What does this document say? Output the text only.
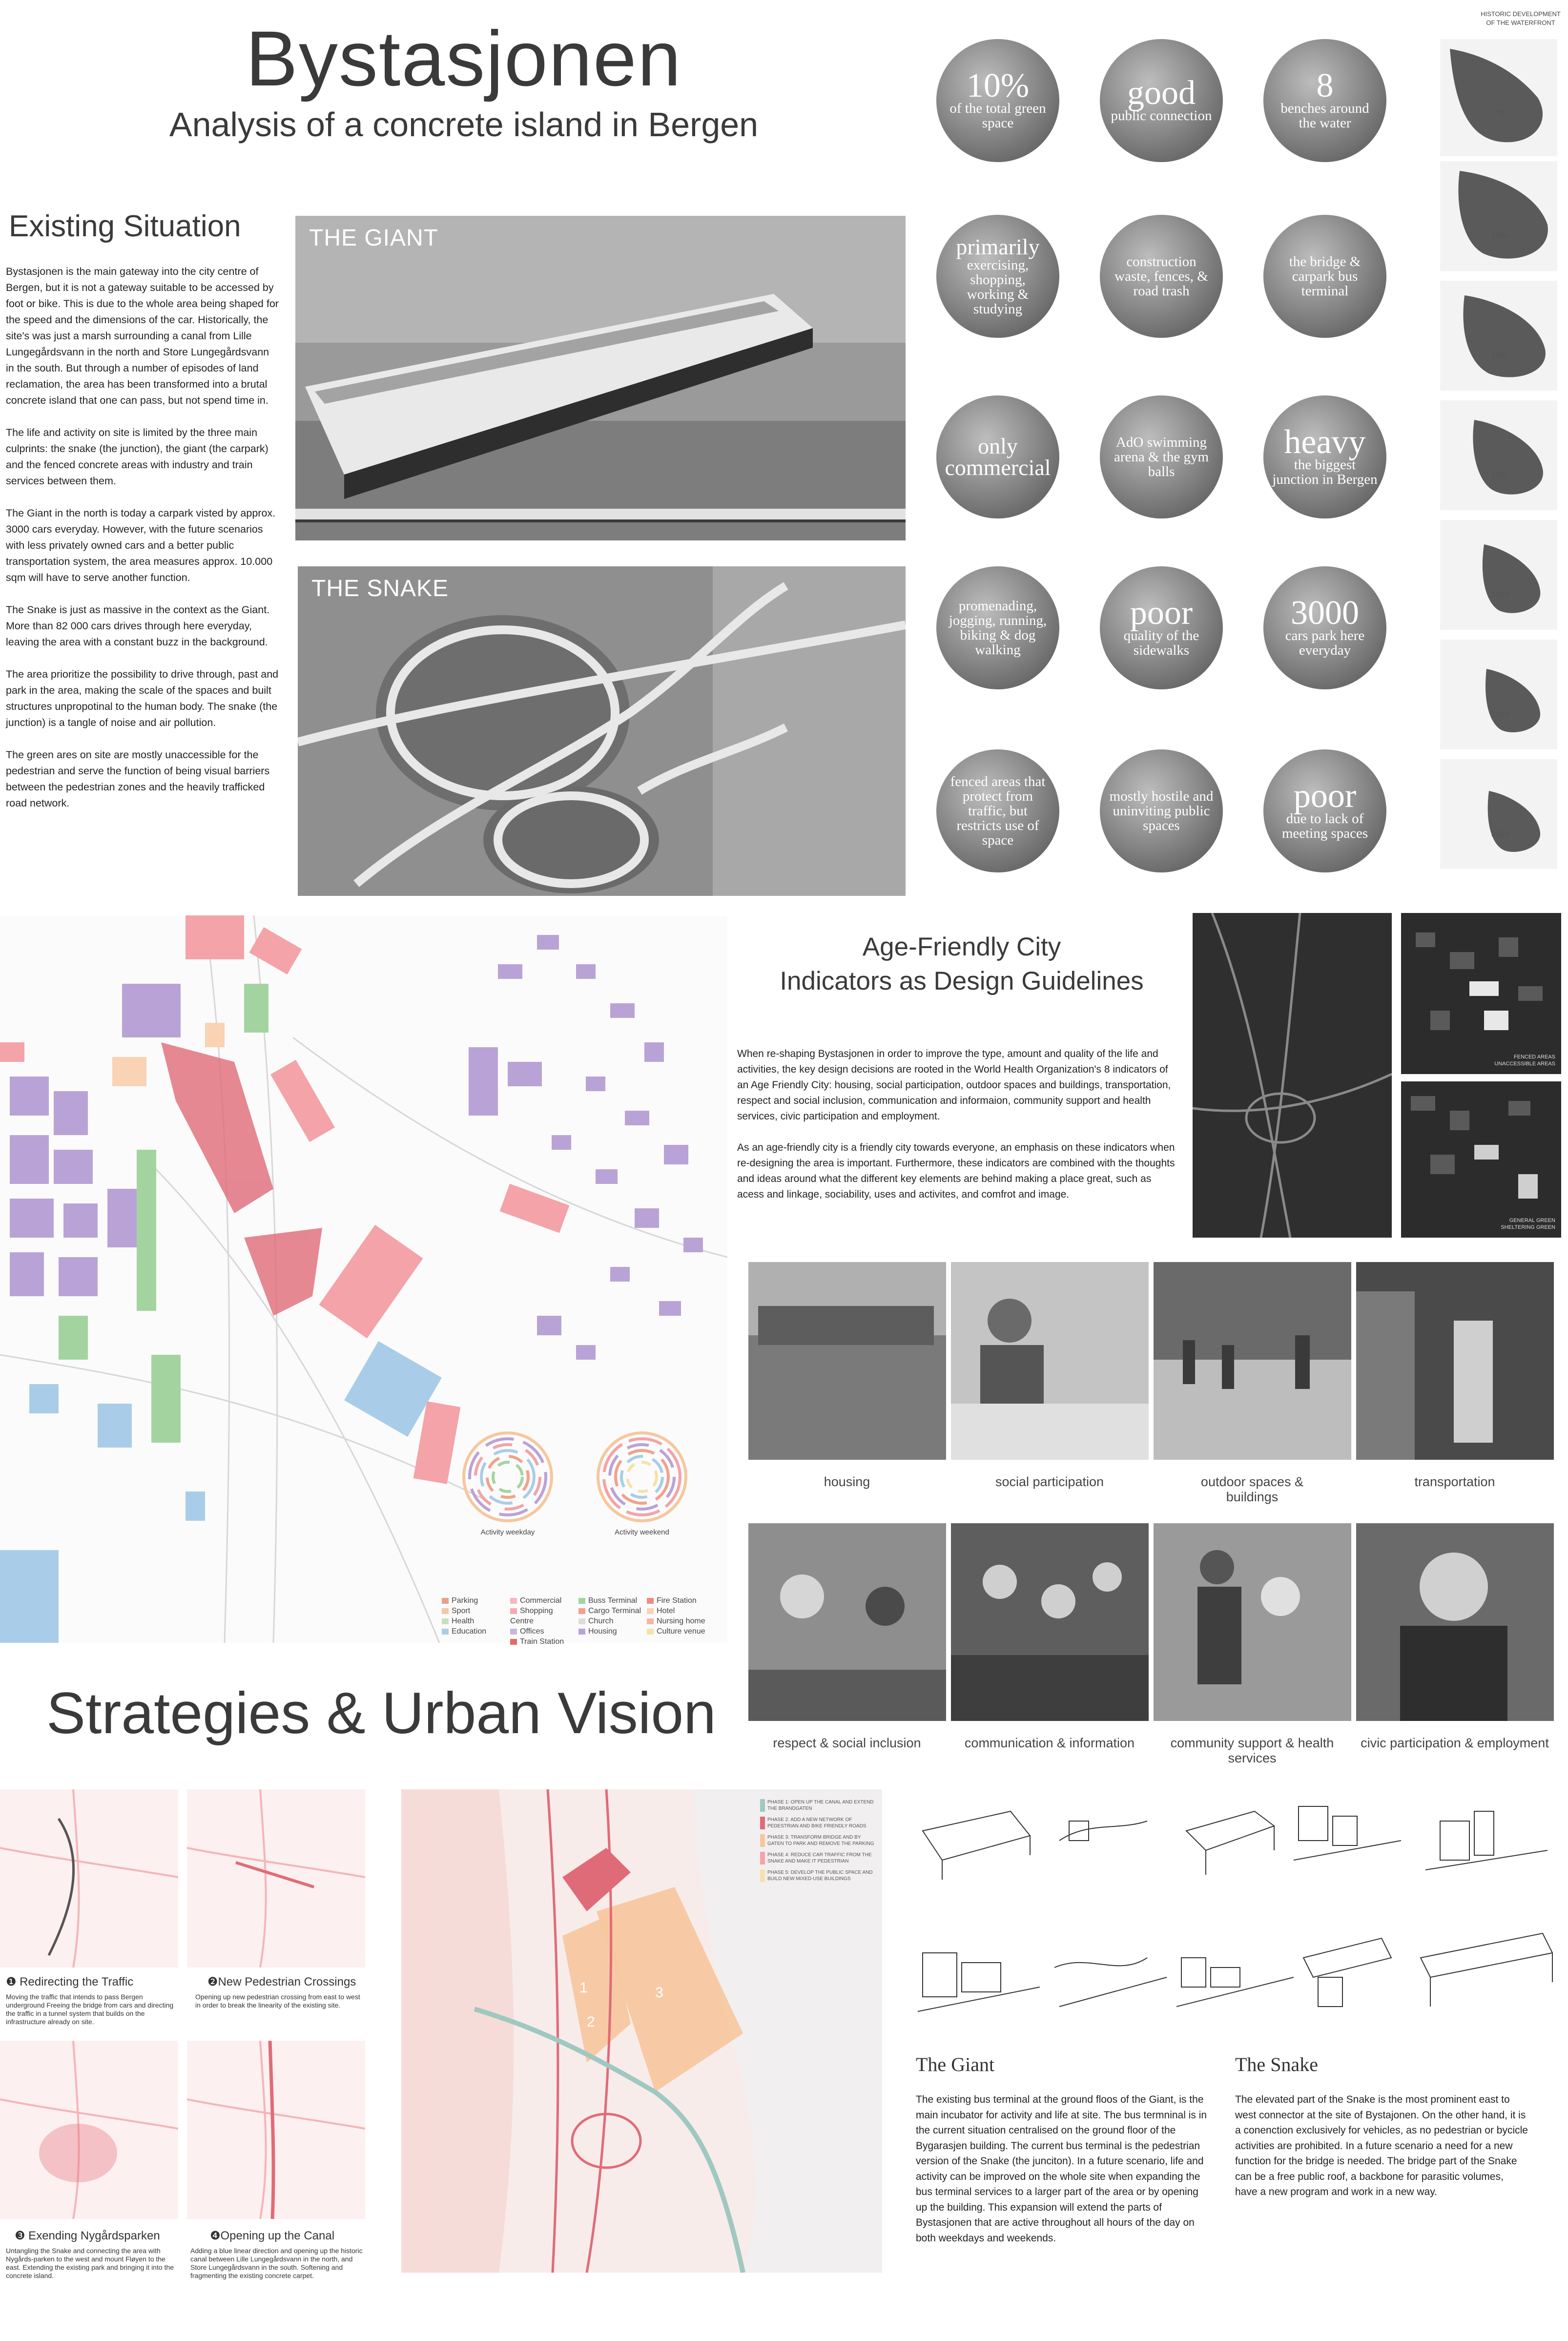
Bystasjonen
Analysis of a concrete island in Bergen
Existing Situation

Bystasjonen is the main gateway into the city centre of Bergen, but it is not a gateway suitable to be accessed by foot or bike. This is due to the whole area being shaped for the speed and the dimensions of the car. Historically, the site's was just a marsh surrounding a canal from Lille Lungegårdsvann in the north and Store Lungegårdsvann in the south. But through a number of episodes of land reclamation, the area has been transformed into a brutal concrete island that one can pass, but not spend time in.

The life and activity on site is limited by the three main culprints: the snake (the junction), the giant (the carpark) and the fenced concrete areas with industry and train services between them.

The Giant in the north is today a carpark visted by approx. 3000 cars everyday. However, with the future scenarios with less privately owned cars and a better public transportation system, the area measures approx. 10.000 sqm will have to serve another function.

The Snake is just as massive in the context as the Giant. More than 82 000 cars drives through here everyday, leaving the area with a constant buzz in the background.

The area prioritize the possibility to drive through, past and park in the area, making the scale of the spaces and built structures unpropotinal to the human body. The snake (the junction) is a tangle of noise and air pollution.

The green ares on site are mostly unaccessible for the pedestrian and serve the function of being visual barriers between the pedestrian zones and the heavily trafficked road network.

THE GIANT
THE SNAKE
10%
of the total green space
good
public connection
8
benches around the water
primarily
exercising, shopping, working & studying
construction waste, fences, & road trash
the bridge & carpark bus terminal
only commercial
AdO swimming arena & the gym balls
heavy
the biggest junction in Bergen
promenading, jogging, running, biking & dog walking
poor
quality of the sidewalks
3000
cars park here everyday
fenced areas that protect from traffic, but restricts use of space
mostly hostile and uninviting public spaces
poor
due to lack of meeting spaces
HISTORIC DEVELOPMENT OF THE WATERFRONT
1741
1800
1907
1911
1960
2003
2019
Activity weekday	Activity weekend
Parking
Sport
Health
Education
Commercial
Shopping Centre
Offices
Train Station
Buss Terminal
Cargo Terminal
Church
Housing
Fire Station
Hotel
Nursing home
Culture venue
Age-Friendly City
Indicators as Design Guidelines

When re-shaping Bystasjonen in order to improve the type, amount and quality of the life and activities, the key design decisions are rooted in the World Health Organization's 8 indicators of an Age Friendly City: housing, social participation, outdoor spaces and buildings, transportation, respect and social inclusion, communication and informaion, community support and health services, civic participation and employment.

As an age-friendly city is a friendly city towards everyone, an emphasis on these indicators when re-designing the area is important. Furthermore, these indicators are combined with the thoughts and ideas around what the different key elements are behind making a place great, such as acess and linkage, sociability, uses and activites, and comfrot and image.

FENCED AREAS UNACCESSIBLE AREAS
GENERAL GREEN SHELTERING GREEN
housing	social participation	outdoor spaces & buildings
transportation
respect & social inclusion	communication & information	community support & health services
civic participation & employment
Strategies & Urban Vision
❶ Redirecting the Traffic
Moving the traffic that intends to pass Bergen underground Freeing the bridge from cars and directing the traffic in a tunnel system that builds on the infrastructure already on site.
❷New Pedestrian Crossings
Opening up new pedestrian crossing from east to west in order to break the linearity of the existing site.
❸ Exending Nygårdsparken
Untangling the Snake and connecting the area with Nygårds-parken to the west and mount Fløyen to the east. Extending the existing park and bringing it into the concrete island.
❹Opening up the Canal
Adding a blue linear direction and opening up the historic canal between Lille Lungegårdsvann in the north, and Store Lungegårdsvann in the south. Softening and fragmenting the existing concrete carpet.
1
2
3
PHASE 1: OPEN UP THE CANAL AND EXTEND THE BRANDGATEN
PHASE 2: ADD A NEW NETWORK OF PEDESTRIAN AND BIKE FRIENDLY ROADS
PHASE 3: TRANSFORM BRIDGE AND BY GATEN TO PARK AND REMOVE THE PARKING
PHASE 4: REDUCE CAR TRAFFIC FROM THE SNAKE AND MAKE IT PEDESTRIAN
PHASE 5: DEVELOP THE PUBLIC SPACE AND BUILD NEW MIXED-USE BUILDINGS
The Giant
The existing bus terminal at the ground floos of the Giant, is the main incubator for activity and life at site. The bus termninal is in the current situation centralised on the ground floor of the Bygarasjen building. The current bus terminal is the pedestrian version of the Snake (the junciton). In a future scenario, life and activity can be improved on the whole site when expanding the bus terminal services to a larger part of the area or by opening up the building. This expansion will extend the parts of Bystasjonen that are active throughout all hours of the day on both weekdays and weekends.
The Snake
The elevated part of the Snake is the most prominent east to west connector at the site of Bystajonen. On the other hand, it is a conenction exclusively for vehicles, as no pedestrian or bycicle activities are prohibited. In a future scenario a need for a new function for the bridge is needed. The bridge part of the Snake can be a free public roof, a backbone for parasitic volumes, have a new program and work in a new way.
